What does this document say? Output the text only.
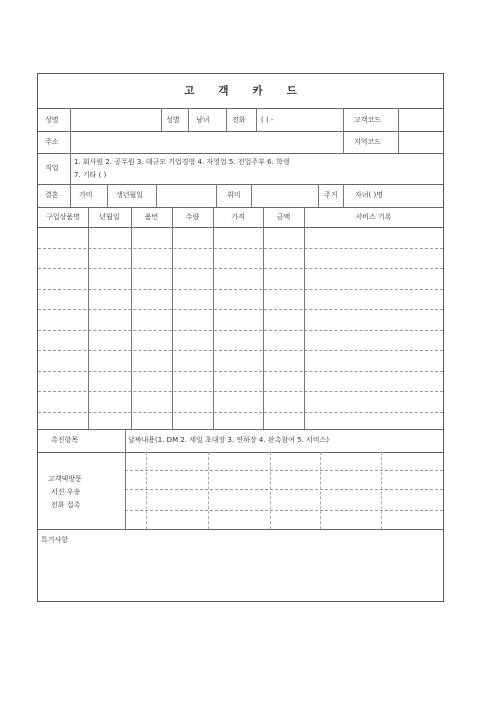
고객카드
성명	성별 남녀	전화 ( ) -	고객코드
주소	지역코드
직업
1. 회사원 2. 공무원 3. 대규모 기업경영 4. 자영업 5. 전업주부 6. 학생
7. 기타 ( )
결혼	가미	생년월일	취미	주거 자녀( )명
구입상품명	년월일	품번	수량	가격	금액	서비스 기록
촉진항목	날짜내용(1. DM 2. 세일 초대장 3. 연하장 4. 판촉참여 5. 서비스)
고객댁방문
서신 우송
전화 접촉
특기사항
